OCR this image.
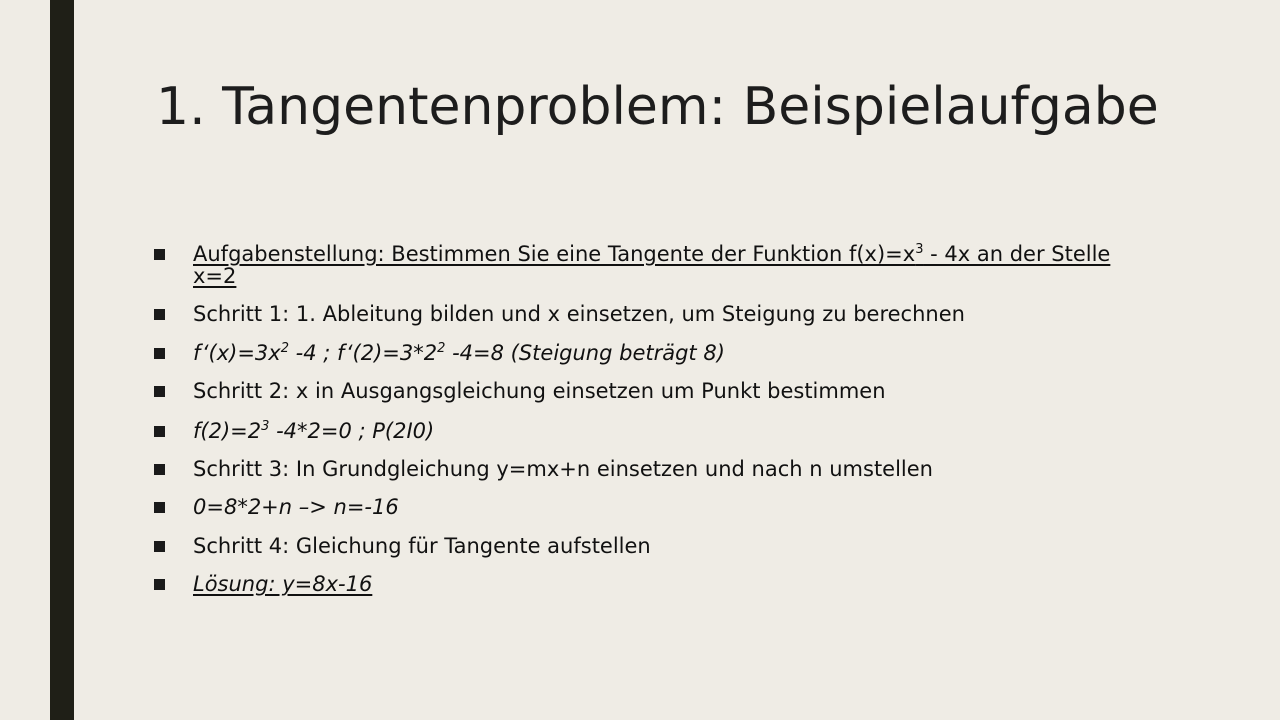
1. Tangentenproblem: Beispielaufgabe
Aufgabenstellung: Bestimmen Sie eine Tangente der Funktion $f(x)=x^3 - 4x$ an der Stelle
x=2
Schritt 1: 1. Ableitung bilden und x einsetzen, um Steigung zu berechnen
$f‘(x)=3x^2$ -4 ; $f‘(2)=3*2^2$ -4=8 (Steigung beträgt 8)
Schritt 2: x in Ausgangsgleichung einsetzen um Punkt bestimmen
$f(2)=2^3$ -4*2=0 ; P(2I0)
Schritt 3: In Grundgleichung y=mx+n einsetzen und nach n umstellen
0=8*2+n –> n=-16
Schritt 4: Gleichung für Tangente aufstellen
Lösung: y=8x-16
